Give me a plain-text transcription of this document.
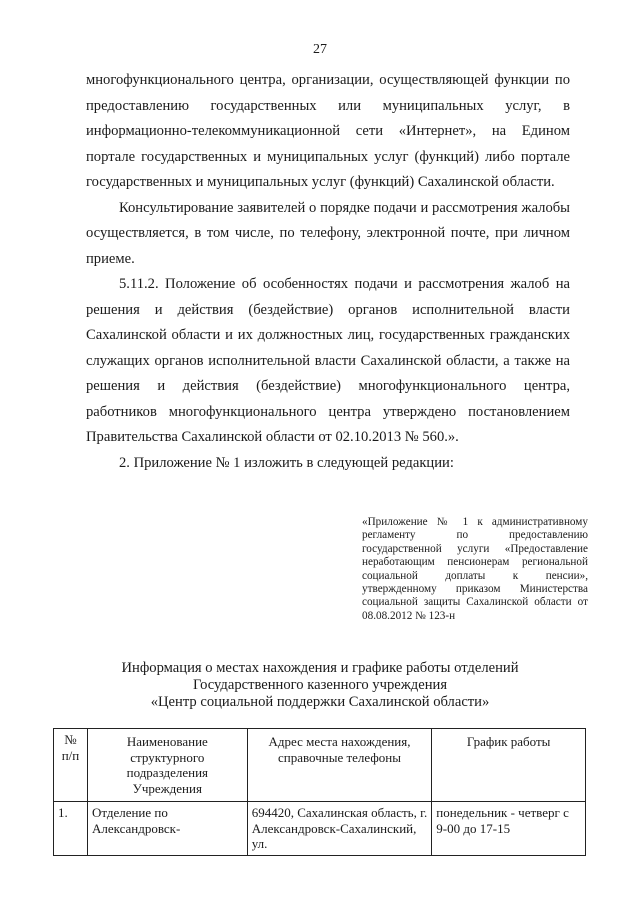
27

многофункционального центра, организации, осуществляющей функции по предоставлению государственных или муниципальных услуг, в информационно-телекоммуникационной сети «Интернет», на Едином портале государственных и муниципальных услуг (функций) либо портале государственных и муниципальных услуг (функций) Сахалинской области.

Консультирование заявителей о порядке подачи и рассмотрения жалобы осуществляется, в том числе, по телефону, электронной почте, при личном приеме.

5.11.2. Положение об особенностях подачи и рассмотрения жалоб на решения и действия (бездействие) органов исполнительной власти Сахалинской области и их должностных лиц, государственных гражданских служащих органов исполнительной власти Сахалинской области, а также на решения и действия (бездействие) многофункционального центра, работников многофункционального центра утверждено постановлением Правительства Сахалинской области от 02.10.2013 № 560.».

2. Приложение № 1 изложить в следующей редакции:

«Приложение № 1 к административному регламенту по предоставлению государственной услуги «Предоставление неработающим пенсионерам региональной социальной доплаты к пенсии», утвержденному приказом Министерства социальной защиты Сахалинской области от 08.08.2012 № 123-н
Информация о местах нахождения и графике работы отделений
Государственного казенного учреждения
«Центр социальной поддержки Сахалинской области»
№ п/п	Наименование структурного подразделения Учреждения	Адрес места нахождения, справочные телефоны	График работы
1.	Отделение по Александровск-	694420, Сахалинская область, г. Александровск-Сахалинский, ул.	понедельник - четверг с 9-00 до 17-15
